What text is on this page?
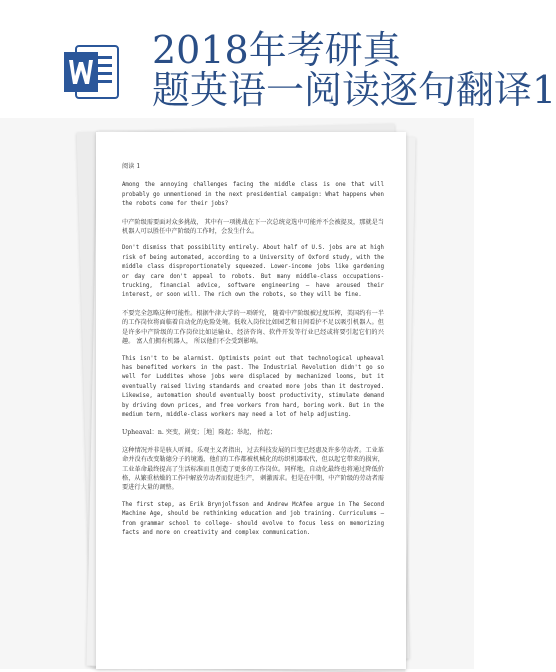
2018年考研真
题英语一阅读逐句翻译1
阅读 1
Among the annoying challenges facing the middle class is one that will probably go unmentioned in the next presidential campaign: What happens when the robots come for their jobs?
中产阶级需要面对众多挑战， 其中有一项挑战在下一次总统竞选中可能并不会被提及，那就是当机器人可以胜任中产阶级的工作时，会发生什么。
Don't dismiss that possibility entirely. About half of U.S. jobs are at high risk of being automated, according to a University of Oxford study, with the middle class disproportionately squeezed. Lower-income jobs like gardening or day care don't appeal to robots. But many middle-class occupations-trucking, financial advice, software engineering — have aroused their interest, or soon will. The rich own the robots, so they will be fine.
不要完全忽略这种可能性。根据牛津大学的一项研究， 随着中产阶级被过度压榨，美国约有一半的工作岗位将面临着自动化的危险处境。低收入岗位比如园艺和日间看护不足以吸引机器人。但是许多中产阶级的工作岗位比如运输业、经济咨询、软件开发等行业已经或将要引起它们的兴趣。 富人们拥有机器人， 所以他们不会受到影响。
This isn't to be alarmist. Optimists point out that technological upheaval has benefited workers in the past. The Industrial Revolution didn't go so well for Luddites whose jobs were displaced by mechanized looms, but it eventually raised living standards and created more jobs than it destroyed. Likewise, automation should eventually boost productivity, stimulate demand by driving down prices, and free workers from hard, boring work. But in the medium term, middle-class workers may need a lot of help adjusting.
Upheaval：n. 突变，剧变；［地］隆起；举起， 抬起；
这种情况并非是骇人听闻。乐观主义者指出，过去科技发展的巨变已经惠及许多劳动者。工业革命并没有改变勒德分子的境遇，他们的工作都被机械化的纺织机器取代，但以起它带来的损害，工业革命最终提高了生活标准而且创造了更多的工作岗位。同样地，自动化最终也将通过降低价格，从繁重枯燥的工作中解放劳动者而促进生产， 刺激需求。但是在中期，中产阶级的劳动者需要进行大量的调整。
The first step, as Erik Brynjolfsson and Andrew McAfee argue in The Second Machine Age, should be rethinking education and job training. Curriculums —from grammar school to college- should evolve to focus less on memorizing facts and more on creativity and complex communication.
